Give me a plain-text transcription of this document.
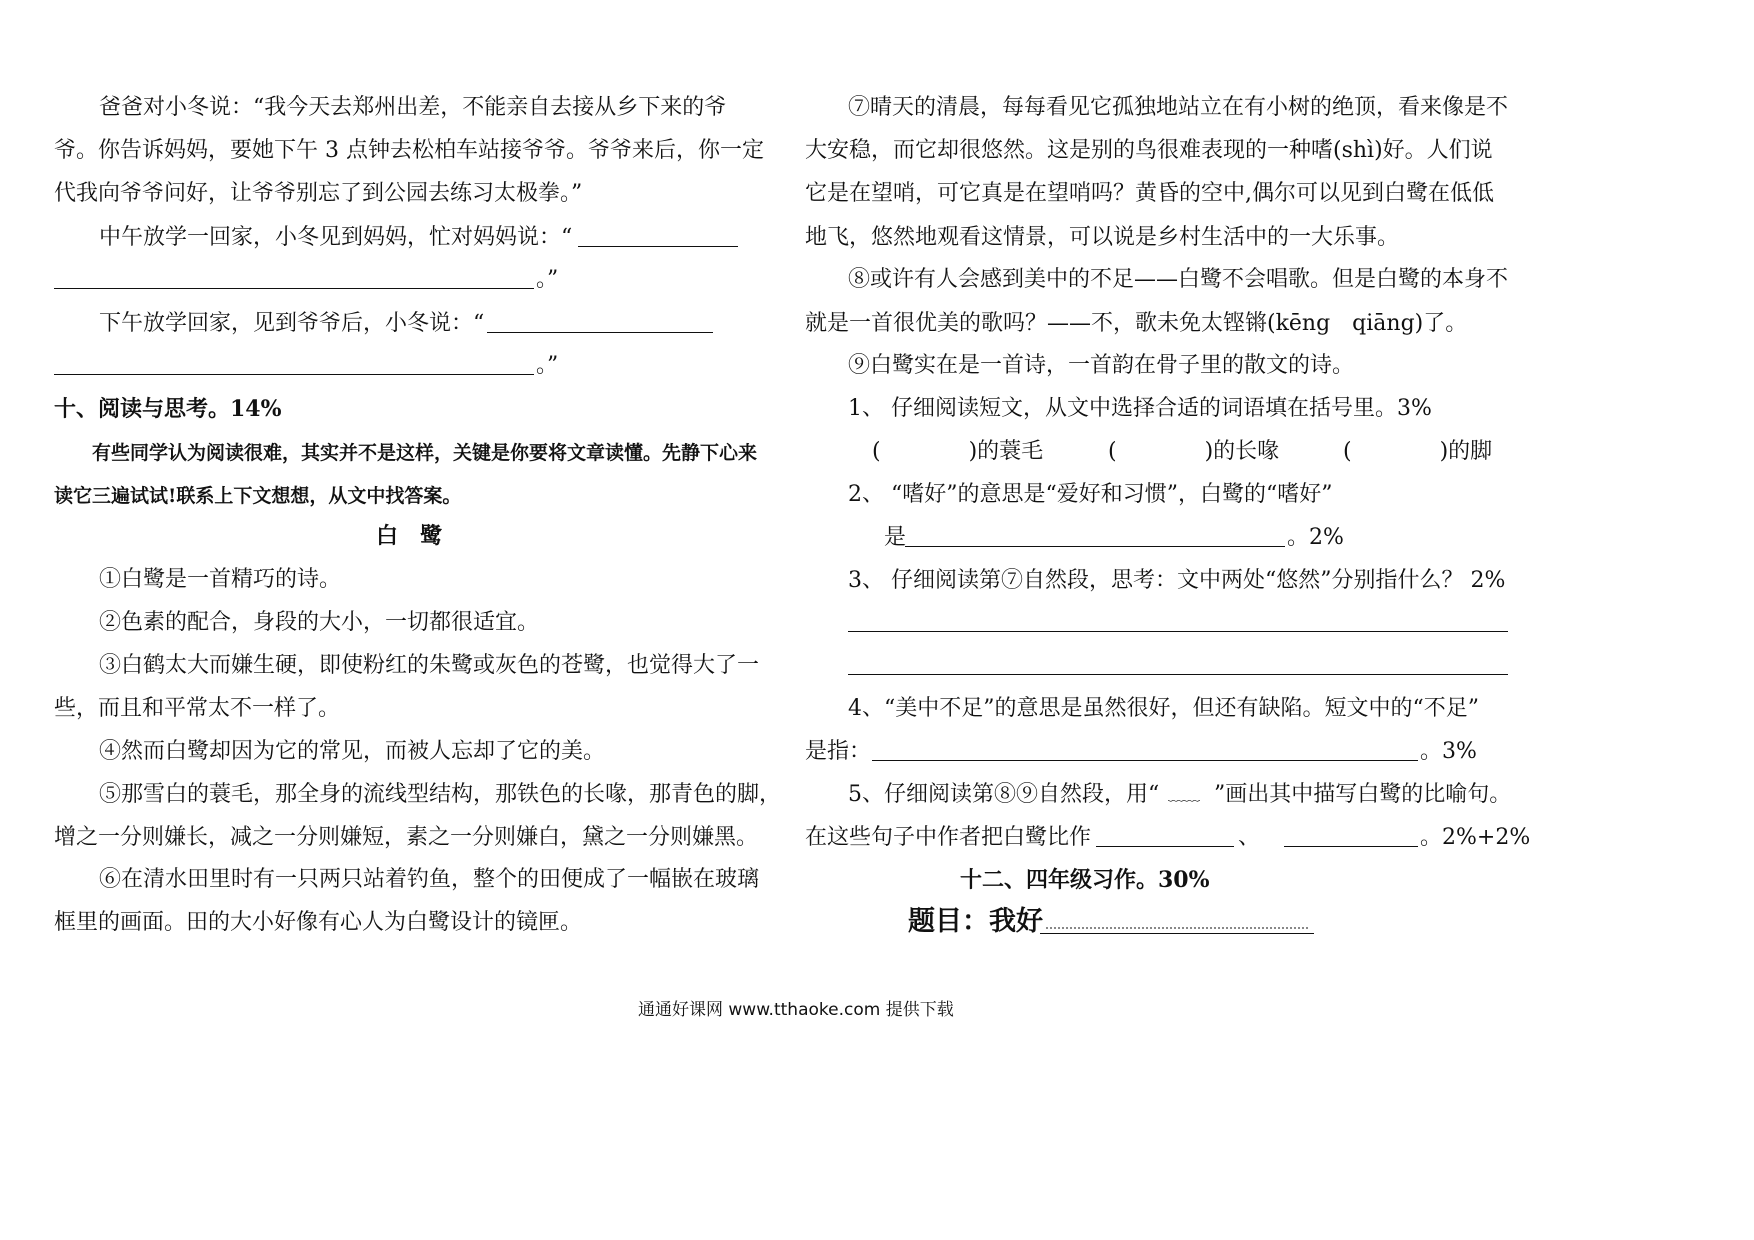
爸爸对小冬说：“我今天去郑州出差，不能亲自去接从乡下来的爷
爷。你告诉妈妈，要她下午 3 点钟去松柏车站接爷爷。爷爷来后，你一定
代我向爷爷问好，让爷爷别忘了到公园去练习太极拳。”
中午放学一回家，小冬见到妈妈，忙对妈妈说：“
。”
下午放学回家，见到爷爷后，小冬说：“
。”
十、阅读与思考。14%
有些同学认为阅读很难，其实并不是这样，关键是你要将文章读懂。先静下心来
读它三遍试试!联系上下文想想，从文中找答案。
白　鹭
①白鹭是一首精巧的诗。
②色素的配合，身段的大小，一切都很适宜。
③白鹤太大而嫌生硬，即使粉红的朱鹭或灰色的苍鹭，也觉得大了一
些，而且和平常太不一样了。
④然而白鹭却因为它的常见，而被人忘却了它的美。
⑤那雪白的蓑毛，那全身的流线型结构，那铁色的长喙，那青色的脚，
增之一分则嫌长，减之一分则嫌短，素之一分则嫌白，黛之一分则嫌黑。
⑥在清水田里时有一只两只站着钓鱼，整个的田便成了一幅嵌在玻璃
框里的画面。田的大小好像有心人为白鹭设计的镜匣。
⑦晴天的清晨，每每看见它孤独地站立在有小树的绝顶，看来像是不
大安稳，而它却很悠然。这是别的鸟很难表现的一种嗜(shì)好。人们说
它是在望哨，可它真是在望哨吗？黄昏的空中,偶尔可以见到白鹭在低低
地飞，悠然地观看这情景，可以说是乡村生活中的一大乐事。
⑧或许有人会感到美中的不足——白鹭不会唱歌。但是白鹭的本身不
就是一首很优美的歌吗？——不，歌未免太铿锵(kēng　qiāng)了。
⑨白鹭实在是一首诗，一首韵在骨子里的散文的诗。
1、 仔细阅读短文，从文中选择合适的词语填在括号里。3%
(　　　　)的蓑毛	(　　　　)的长喙	(　　　　)的脚
2、 “嗜好”的意思是“爱好和习惯”，白鹭的“嗜好”
是	。2%
3、 仔细阅读第⑦自然段，思考：文中两处“悠然”分别指什么？ 2%
4、“美中不足”的意思是虽然很好，但还有缺陷。短文中的“不足”
是指：	。3%
5、仔细阅读第⑧⑨自然段，用“ ﹏﹏ ”画出其中描写白鹭的比喻句。
在这些句子中作者把白鹭比作	、	。2%+2%
十二、四年级习作。30%
题目：我好
通通好课网 www.tthaoke.com 提供下载
